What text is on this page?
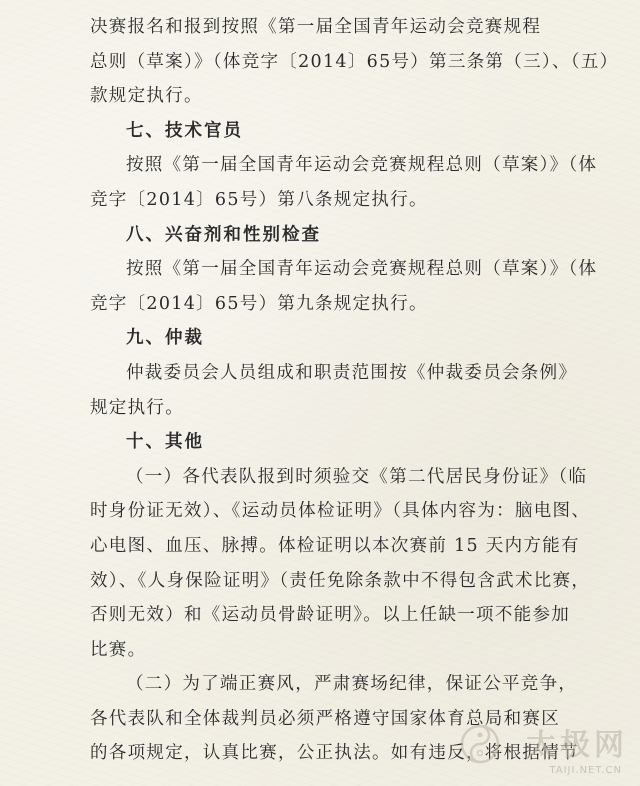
决赛报名和报到按照《第一届全国青年运动会竞赛规程
总则（草案）》（体竞字〔2014〕65号）第三条第（三）、（五）
款规定执行。
七、技术官员
按照《第一届全国青年运动会竞赛规程总则（草案）》（体
竞字〔2014〕65号）第八条规定执行。
八、兴奋剂和性别检查
按照《第一届全国青年运动会竞赛规程总则（草案）》（体
竞字〔2014〕65号）第九条规定执行。
九、仲裁
仲裁委员会人员组成和职责范围按《仲裁委员会条例》
规定执行。
十、其他
（一）各代表队报到时须验交《第二代居民身份证》（临
时身份证无效）、《运动员体检证明》（具体内容为：脑电图、
心电图、血压、脉搏。体检证明以本次赛前 15 天内方能有
效）、《人身保险证明》（责任免除条款中不得包含武术比赛，
否则无效）和《运动员骨龄证明》。以上任缺一项不能参加
比赛。
（二）为了端正赛风，严肃赛场纪律，保证公平竞争，
各代表队和全体裁判员必须严格遵守国家体育总局和赛区
的各项规定，认真比赛，公正执法。如有违反，将根据情节
太极网
TAIJI.NET.CN
